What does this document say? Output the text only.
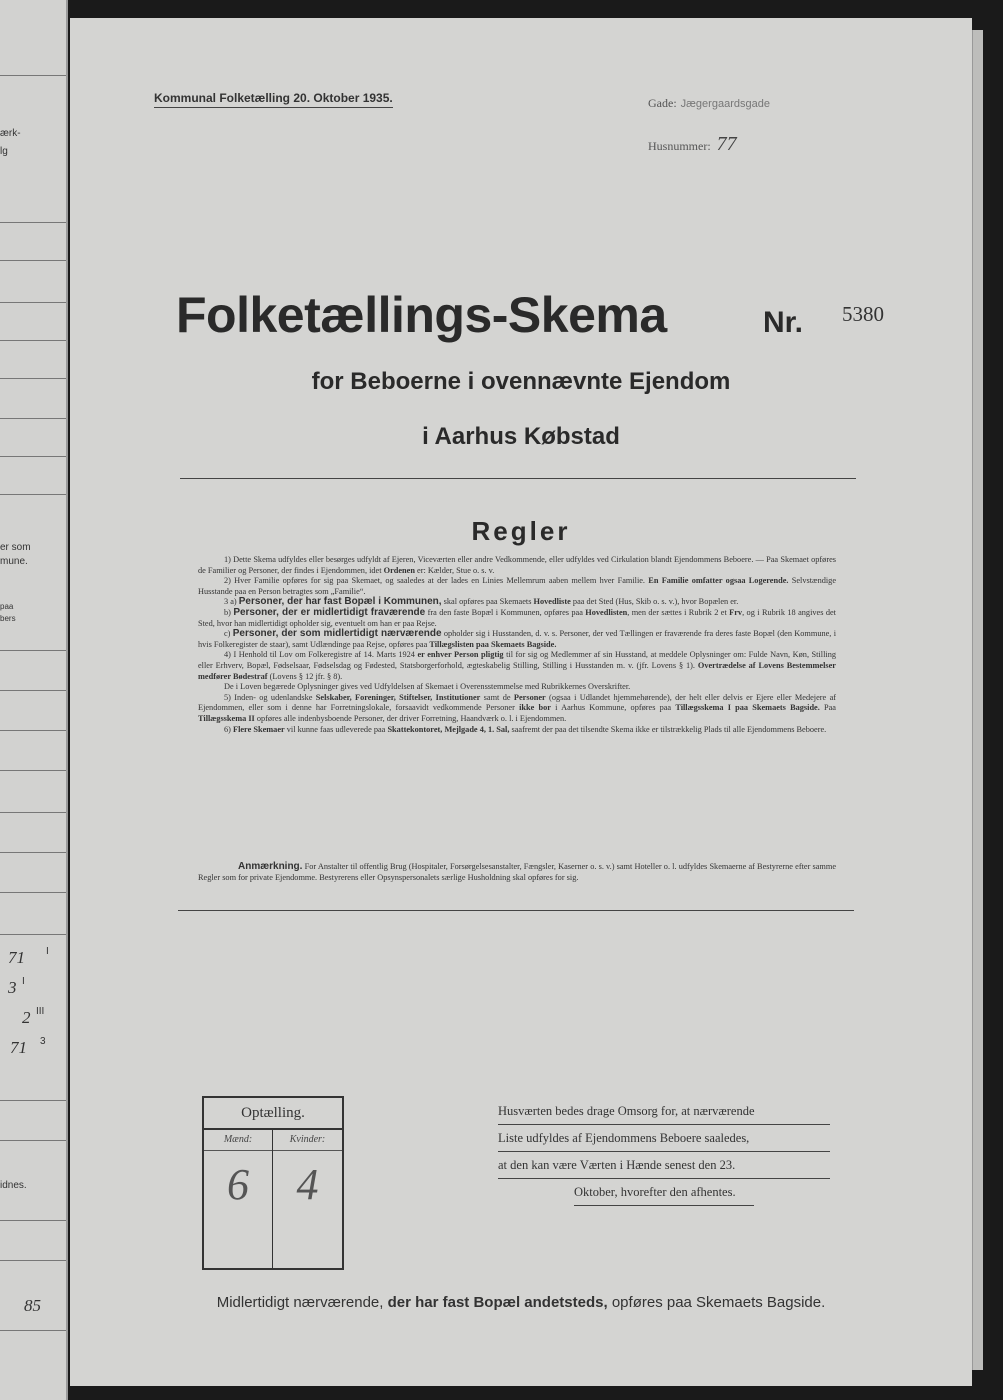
ærk-
lg
er som
mune.
paa
bers
71 I
3 I
2 III
71 3
idnes.
85
Kommunal Folketælling 20. Oktober 1935.	Gade: Jægergaardsgade
Husnummer: 77
Folketællings-Skema	Nr. 5380
for Beboerne i ovennævnte Ejendom
i Aarhus Købstad
Regler

1) Dette Skema udfyldes eller besørges udfyldt af Ejeren, Viceværten eller andre Vedkommende, eller udfyldes ved Cirkulation blandt Ejendommens Beboere. — Paa Skemaet opføres de Familier og Personer, der findes i Ejendommen, idet Ordenen er: Kælder, Stue o. s. v.

2) Hver Familie opføres for sig paa Skemaet, og saaledes at der lades en Linies Mellemrum aaben mellem hver Familie. En Familie omfatter ogsaa Logerende. Selvstændige Husstande paa en Person betragtes som „Familie“.

3 a) Personer, der har fast Bopæl i Kommunen, skal opføres paa Skemaets Hovedliste paa det Sted (Hus, Skib o. s. v.), hvor Bopælen er.

b) Personer, der er midlertidigt fraværende fra den faste Bopæl i Kommunen, opføres paa Hovedlisten, men der sættes i Rubrik 2 et Frv, og i Rubrik 18 angives det Sted, hvor han midlertidigt opholder sig, eventuelt om han er paa Rejse.

c) Personer, der som midlertidigt nærværende opholder sig i Husstanden, d. v. s. Personer, der ved Tællingen er fraværende fra deres faste Bopæl (den Kommune, i hvis Folkeregister de staar), samt Udlændinge paa Rejse, opføres paa Tillægslisten paa Skemaets Bagside.

4) I Henhold til Lov om Folkeregistre af 14. Marts 1924 er enhver Person pligtig til for sig og Medlemmer af sin Husstand, at meddele Oplysninger om: Fulde Navn, Køn, Stilling eller Erhverv, Bopæl, Fødselsaar, Fødselsdag og Fødested, Statsborgerforhold, ægteskabelig Stilling, Stilling i Husstanden m. v. (jfr. Lovens § 1). Overtrædelse af Lovens Bestemmelser medfører Bødestraf (Lovens § 12 jfr. § 8).

De i Loven begærede Oplysninger gives ved Udfyldelsen af Skemaet i Overensstemmelse med Rubrikkernes Overskrifter.

5) Inden- og udenlandske Selskaber, Foreninger, Stiftelser, Institutioner samt de Personer (ogsaa i Udlandet hjemmehørende), der helt eller delvis er Ejere eller Medejere af Ejendommen, eller som i denne har Forretningslokale, forsaavidt vedkommende Personer ikke bor i Aarhus Kommune, opføres paa Tillægsskema I paa Skemaets Bagside. Paa Tillægsskema II opføres alle indenbysboende Personer, der driver Forretning, Haandværk o. l. i Ejendommen.

6) Flere Skemaer vil kunne faas udleverede paa Skattekontoret, Mejlgade 4, 1. Sal, saafremt der paa det tilsendte Skema ikke er tilstrækkelig Plads til alle Ejendommens Beboere.

Anmærkning. For Anstalter til offentlig Brug (Hospitaler, Forsørgelsesanstalter, Fængsler, Kaserner o. s. v.) samt Hoteller o. l. udfyldes Skemaerne af Bestyrerne efter samme Regler som for private Ejendomme. Bestyrerens eller Opsynspersonalets særlige Husholdning skal opføres for sig.

Optælling.
Mænd:
6
Kvinder:
4
Husværten bedes drage Omsorg for, at nærværende
Liste udfyldes af Ejendommens Beboere saaledes,
at den kan være Værten i Hænde senest den 23.
Oktober, hvorefter den afhentes.
Midlertidigt nærværende, der har fast Bopæl andetsteds, opføres paa Skemaets Bagside.
